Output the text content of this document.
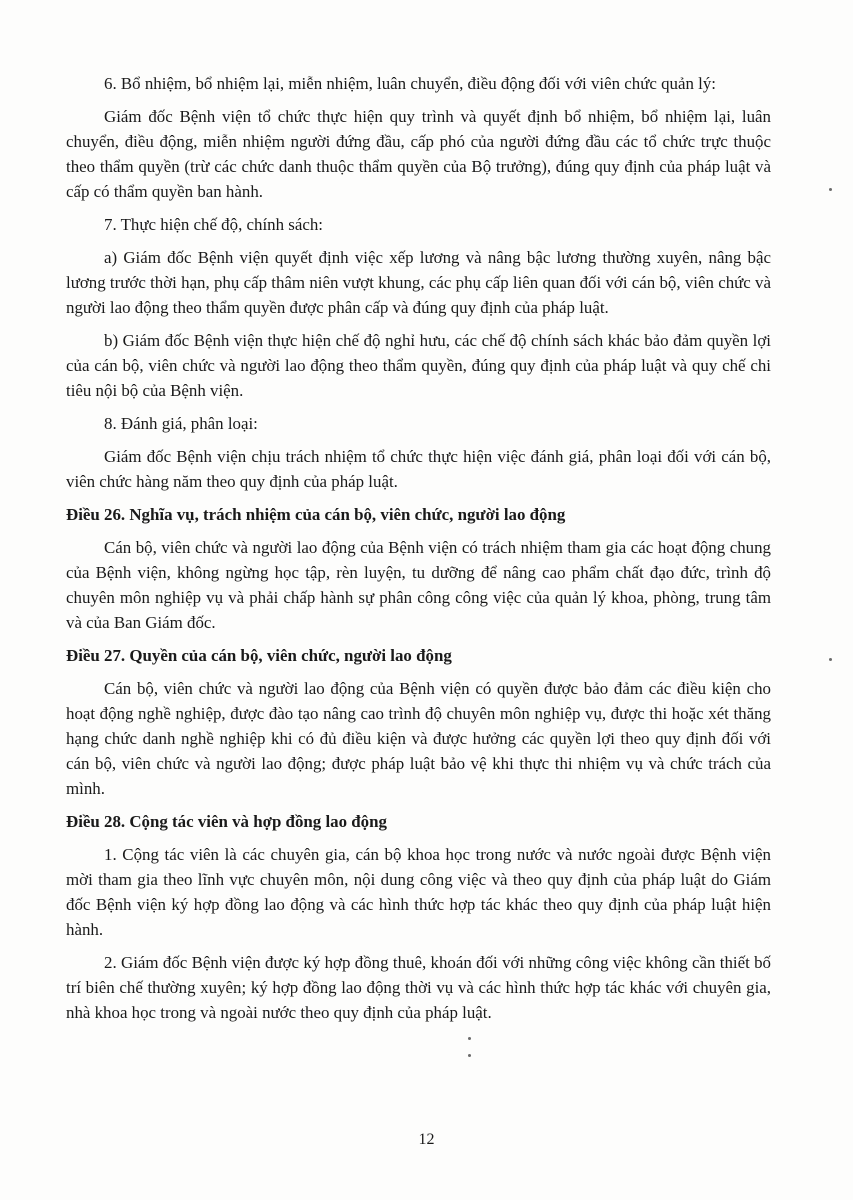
6. Bổ nhiệm, bổ nhiệm lại, miễn nhiệm, luân chuyển, điều động đối với viên chức quản lý:

Giám đốc Bệnh viện tổ chức thực hiện quy trình và quyết định bổ nhiệm, bổ nhiệm lại, luân chuyển, điều động, miễn nhiệm người đứng đầu, cấp phó của người đứng đầu các tổ chức trực thuộc theo thẩm quyền (trừ các chức danh thuộc thẩm quyền của Bộ trưởng), đúng quy định của pháp luật và cấp có thẩm quyền ban hành.

7. Thực hiện chế độ, chính sách:

a) Giám đốc Bệnh viện quyết định việc xếp lương và nâng bậc lương thường xuyên, nâng bậc lương trước thời hạn, phụ cấp thâm niên vượt khung, các phụ cấp liên quan đối với cán bộ, viên chức và người lao động theo thẩm quyền được phân cấp và đúng quy định của pháp luật.

b) Giám đốc Bệnh viện thực hiện chế độ nghỉ hưu, các chế độ chính sách khác bảo đảm quyền lợi của cán bộ, viên chức và người lao động theo thẩm quyền, đúng quy định của pháp luật và quy chế chi tiêu nội bộ của Bệnh viện.

8. Đánh giá, phân loại:

Giám đốc Bệnh viện chịu trách nhiệm tổ chức thực hiện việc đánh giá, phân loại đối với cán bộ, viên chức hàng năm theo quy định của pháp luật.

Điều 26. Nghĩa vụ, trách nhiệm của cán bộ, viên chức, người lao động

Cán bộ, viên chức và người lao động của Bệnh viện có trách nhiệm tham gia các hoạt động chung của Bệnh viện, không ngừng học tập, rèn luyện, tu dưỡng để nâng cao phẩm chất đạo đức, trình độ chuyên môn nghiệp vụ và phải chấp hành sự phân công công việc của quản lý khoa, phòng, trung tâm và của Ban Giám đốc.

Điều 27. Quyền của cán bộ, viên chức, người lao động

Cán bộ, viên chức và người lao động của Bệnh viện có quyền được bảo đảm các điều kiện cho hoạt động nghề nghiệp, được đào tạo nâng cao trình độ chuyên môn nghiệp vụ, được thi hoặc xét thăng hạng chức danh nghề nghiệp khi có đủ điều kiện và được hưởng các quyền lợi theo quy định đối với cán bộ, viên chức và người lao động; được pháp luật bảo vệ khi thực thi nhiệm vụ và chức trách của mình.

Điều 28. Cộng tác viên và hợp đồng lao động

1. Cộng tác viên là các chuyên gia, cán bộ khoa học trong nước và nước ngoài được Bệnh viện mời tham gia theo lĩnh vực chuyên môn, nội dung công việc và theo quy định của pháp luật do Giám đốc Bệnh viện ký hợp đồng lao động và các hình thức hợp tác khác theo quy định của pháp luật hiện hành.

2. Giám đốc Bệnh viện được ký hợp đồng thuê, khoán đối với những công việc không cần thiết bố trí biên chế thường xuyên; ký hợp đồng lao động thời vụ và các hình thức hợp tác khác với chuyên gia, nhà khoa học trong và ngoài nước theo quy định của pháp luật.

12
